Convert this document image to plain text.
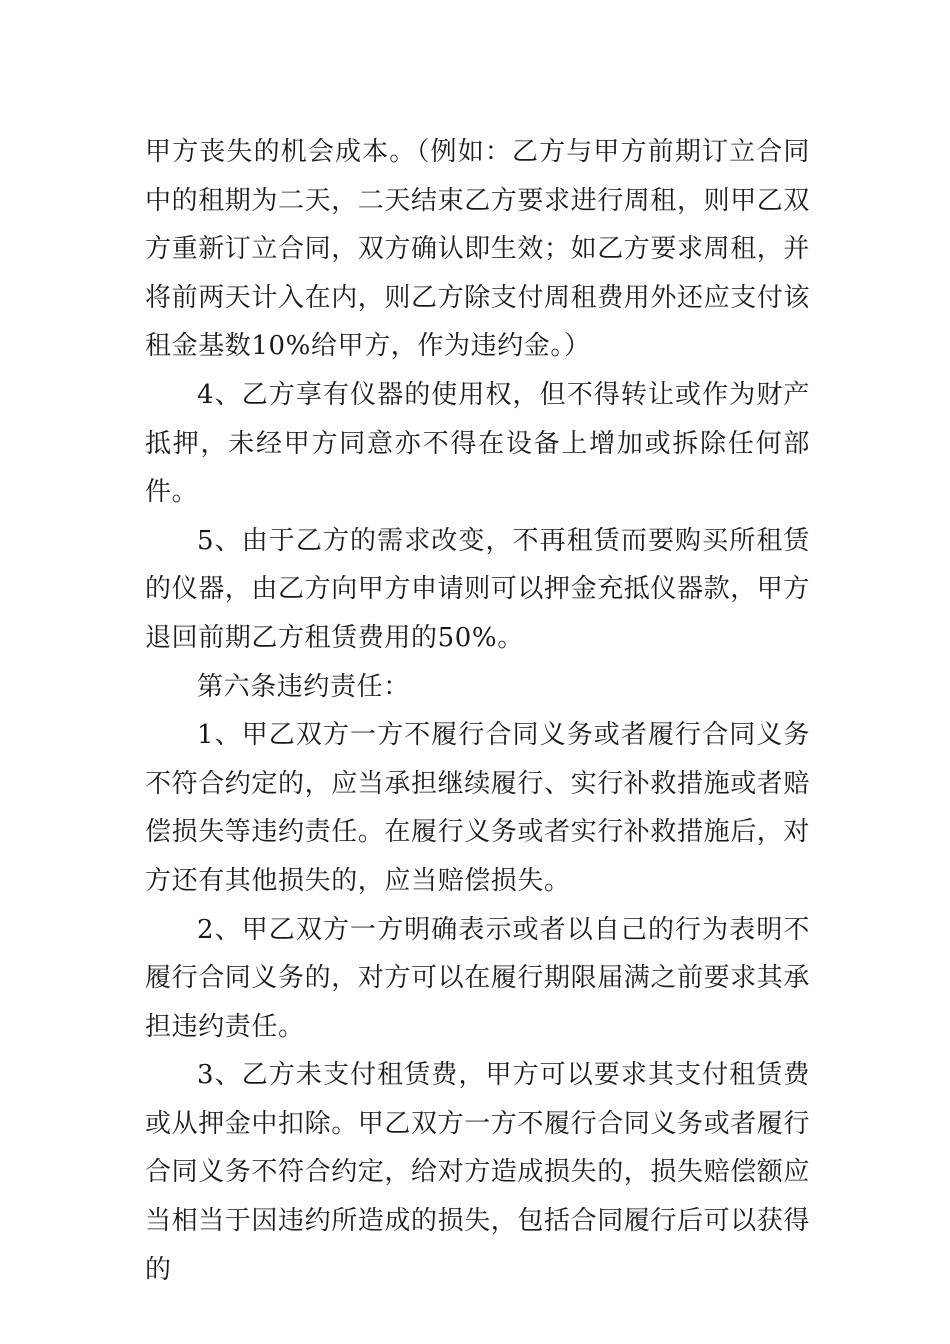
甲方丧失的机会成本。（例如：乙方与甲方前期订立合同中的租期为二天，二天结束乙方要求进行周租，则甲乙双方重新订立合同，双方确认即生效；如乙方要求周租，并将前两天计入在内，则乙方除支付周租费用外还应支付该租金基数10%给甲方，作为违约金。）

4、乙方享有仪器的使用权，但不得转让或作为财产抵押，未经甲方同意亦不得在设备上增加或拆除任何部件。

5、由于乙方的需求改变，不再租赁而要购买所租赁的仪器，由乙方向甲方申请则可以押金充抵仪器款，甲方退回前期乙方租赁费用的50%。

第六条违约责任：

1、甲乙双方一方不履行合同义务或者履行合同义务不符合约定的，应当承担继续履行、实行补救措施或者赔偿损失等违约责任。在履行义务或者实行补救措施后，对方还有其他损失的，应当赔偿损失。

2、甲乙双方一方明确表示或者以自己的行为表明不履行合同义务的，对方可以在履行期限届满之前要求其承担违约责任。

3、乙方未支付租赁费，甲方可以要求其支付租赁费或从押金中扣除。甲乙双方一方不履行合同义务或者履行合同义务不符合约定，给对方造成损失的，损失赔偿额应当相当于因违约所造成的损失，包括合同履行后可以获得的
